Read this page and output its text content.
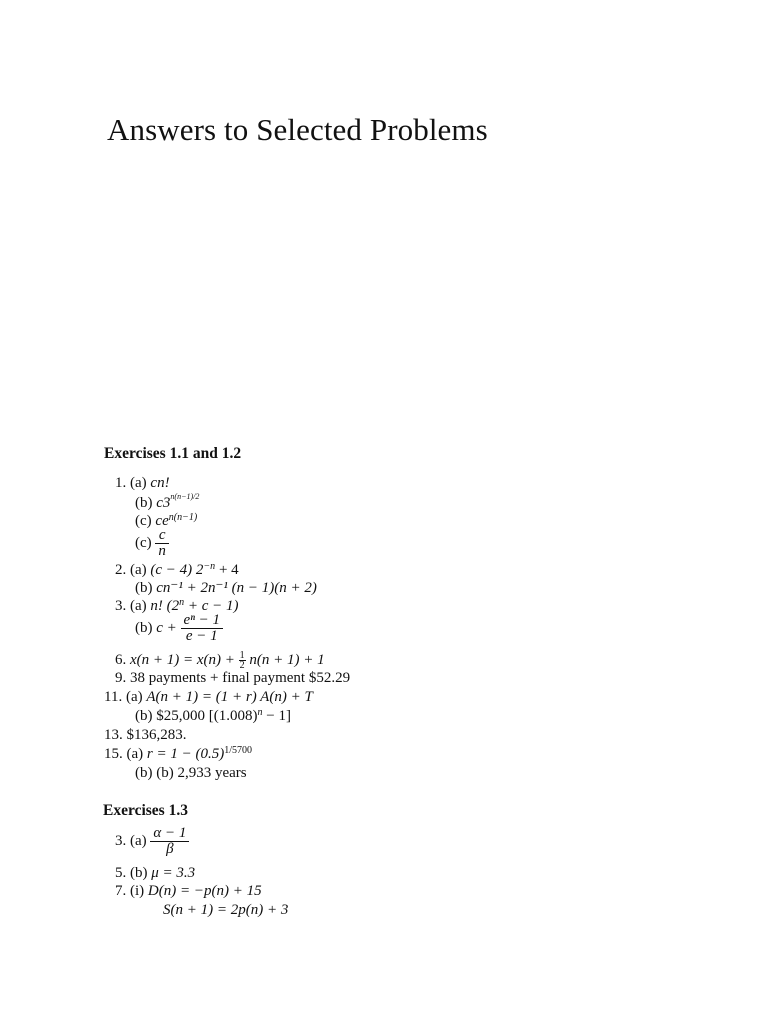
Answers to Selected Problems
Exercises 1.1 and 1.2
1. (a) cn!
(b) $c3^{n(n-1)/2}$
(c) $ce^{n(n-1)}$
$(c) \frac{c}{n}$
2. (a) (c − 4) $2^{-n} + 4$
(b) cn⁻¹ + 2n⁻¹ (n − 1)(n + 2)
3. (a) n! $(2^n + c - 1)$
(b) $c + \frac{\text{eⁿ − 1}}{e - 1}$
6. $x(n + 1) = x(n) + \frac{1}{2} n(n + 1) + 1$
9. 38 payments + final payment $52.29
11. (a) A(n + 1) = (1 + r) A(n) + T
(b) $25,000 $[(1.008)^n - 1]$
13. $136,283.
15. (a) $r = 1 - (0.5)^{1/5700}$
(b) (b) 2,933 years
Exercises 1.3
3. $(a) \frac{\alpha - 1}{\beta}$
5. (b) μ = 3.3
7. (i) D(n) = −p(n) + 15
S(n + 1) = 2p(n) + 3
